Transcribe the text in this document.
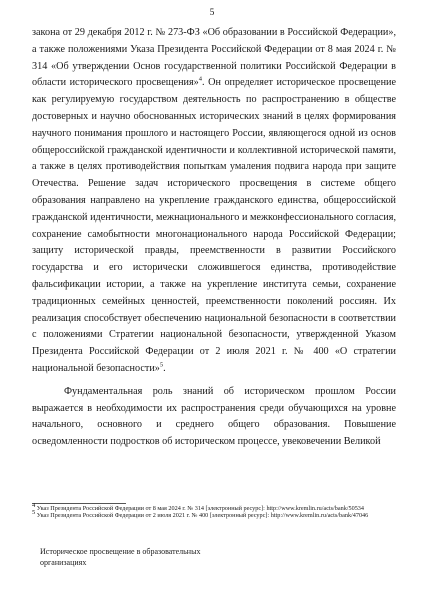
5

закона от 29 декабря 2012 г. № 273-ФЗ «Об образовании в Российской Федерации», а также положениями Указа Президента Российской Федерации от 8 мая 2024 г. № 314 «Об утверждении Основ государственной политики Российской Федерации в области исторического просвещения»$^4$. Он определяет историческое просвещение как регулируемую государством деятельность по распространению в обществе достоверных и научно обоснованных исторических знаний в целях формирования научного понимания прошлого и настоящего России, являющегося одной из основ общероссийской гражданской идентичности и коллективной исторической памяти, а также в целях противодействия попыткам умаления подвига народа при защите Отечества. Решение задач исторического просвещения в системе общего образования направлено на укрепление гражданского единства, общероссийской гражданской идентичности, межнационального и межконфессионального согласия, сохранение самобытности многонационального народа Российской Федерации; защиту исторической правды, преемственности в развитии Российского государства и его исторически сложившегося единства, противодействие фальсификации истории, а также на укрепление института семьи, сохранение традиционных семейных ценностей, преемственности поколений россиян. Их реализация способствует обеспечению национальной безопасности в соответствии с положениями Стратегии национальной безопасности, утвержденной Указом Президента Российской Федерации от 2 июля 2021 г. № 400 «О стратегии национальной безопасности»$^5$.

Фундаментальная роль знаний об историческом прошлом России выражается в необходимости их распространения среди обучающихся на уровне начального, основного и среднего общего образования. Повышение осведомленности подростков об историческом процессе, увековечении Великой

$^4$ Указ Президента Российской Федерации от 8 мая 2024 г. № 314 [электронный ресурс]: http://www.kremlin.ru/acts/bank/50534

$^5$ Указ Президента Российской Федерации от 2 июля 2021 г. № 400 [электронный ресурс]: http://www.kremlin.ru/acts/bank/47046

Историческое просвещение в образовательных
организациях
